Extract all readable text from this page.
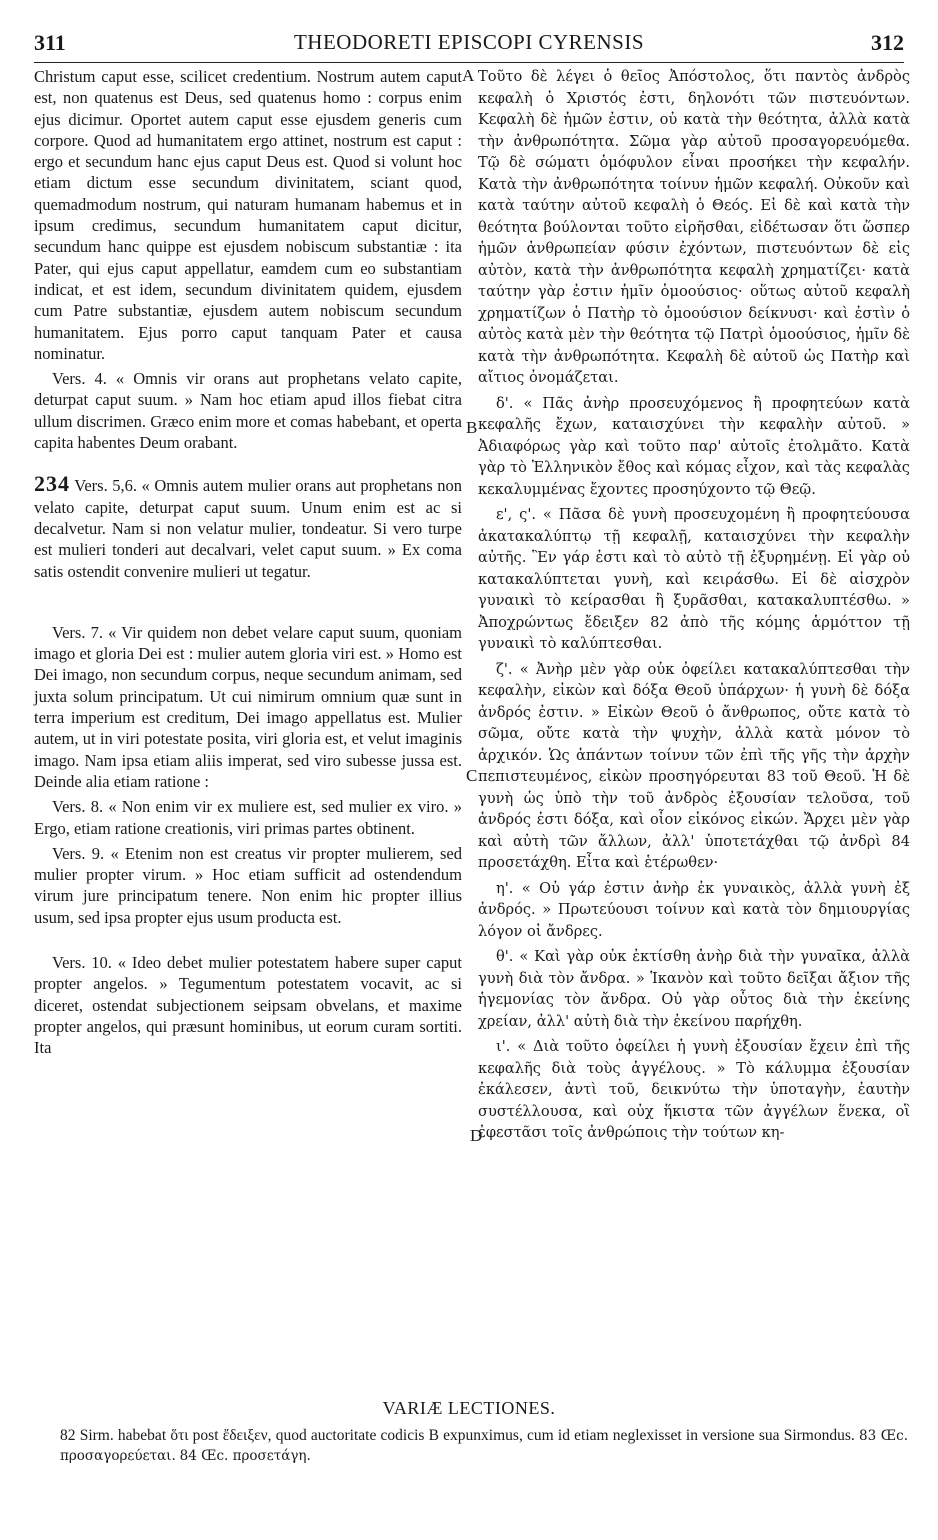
311	THEODORETI EPISCOPI CYRENSIS	312
A
B
C
D

Christum caput esse, scilicet credentium. Nostrum autem caput est, non quatenus est Deus, sed quatenus homo : corpus enim ejus dicimur. Oportet autem caput esse ejusdem generis cum corpore. Quod ad humanitatem ergo attinet, nostrum est caput : ergo et secundum hanc ejus caput Deus est. Quod si volunt hoc etiam dictum esse secundum divinitatem, sciant quod, quemadmodum nostrum, qui naturam humanam habemus et in ipsum credimus, secundum humanitatem caput dicitur, secundum hanc quippe est ejusdem nobiscum substantiæ : ita Pater, qui ejus caput appellatur, eamdem cum eo substantiam indicat, et est idem, secundum divinitatem quidem, ejusdem cum Patre substantiæ, ejusdem autem nobiscum secundum humanitatem. Ejus porro caput tanquam Pater et causa nominatur.

Vers. 4. « Omnis vir orans aut prophetans velato capite, deturpat caput suum. » Nam hoc etiam apud illos fiebat citra ullum discrimen. Græco enim more et comas habebant, et operta capita habentes Deum orabant.

234 Vers. 5,6. « Omnis autem mulier orans aut prophetans non velato capite, deturpat caput suum. Unum enim est ac si decalvetur. Nam si non velatur mulier, tondeatur. Si vero turpe est mulieri tonderi aut decalvari, velet caput suum. » Ex coma satis ostendit convenire mulieri ut tegatur.

Vers. 7. « Vir quidem non debet velare caput suum, quoniam imago et gloria Dei est : mulier autem gloria viri est. » Homo est Dei imago, non secundum corpus, neque secundum animam, sed juxta solum principatum. Ut cui nimirum omnium quæ sunt in terra imperium est creditum, Dei imago appellatus est. Mulier autem, ut in viri potestate posita, viri gloria est, et velut imaginis imago. Nam ipsa etiam aliis imperat, sed viro subesse jussa est. Deinde alia etiam ratione :

Vers. 8. « Non enim vir ex muliere est, sed mulier ex viro. » Ergo, etiam ratione creationis, viri primas partes obtinent.

Vers. 9. « Etenim non est creatus vir propter mulierem, sed mulier propter virum. » Hoc etiam sufficit ad ostendendum virum jure principatum tenere. Non enim hic propter illius usum, sed ipsa propter ejus usum producta est.

Vers. 10. « Ideo debet mulier potestatem habere super caput propter angelos. » Tegumentum potestatem vocavit, ac si diceret, ostendat subjectionem seipsam obvelans, et maxime propter angelos, qui præsunt hominibus, ut eorum curam sortiti. Ita

Τοῦτο δὲ λέγει ὁ θεῖος Ἀπόστολος, ὅτι παντὸς ἀνδρὸς κεφαλὴ ὁ Χριστός ἐστι, δηλονότι τῶν πιστευόντων. Κεφαλὴ δὲ ἡμῶν ἐστιν, οὐ κατὰ τὴν θεότητα, ἀλλὰ κατὰ τὴν ἀνθρωπότητα. Σῶμα γὰρ αὐτοῦ προσαγορευόμεθα. Τῷ δὲ σώματι ὁμόφυλον εἶναι προσήκει τὴν κεφαλήν. Κατὰ τὴν ἀνθρωπότητα τοίνυν ἡμῶν κεφαλή. Οὐκοῦν καὶ κατὰ ταύτην αὐτοῦ κεφαλὴ ὁ Θεός. Εἰ δὲ καὶ κατὰ τὴν θεότητα βούλονται τοῦτο εἰρῆσθαι, εἰδέτωσαν ὅτι ὥσπερ ἡμῶν ἀνθρωπείαν φύσιν ἐχόντων, πιστευόντων δὲ εἰς αὐτὸν, κατὰ τὴν ἀνθρωπότητα κεφαλὴ χρηματίζει· κατὰ ταύτην γὰρ ἐστιν ἡμῖν ὁμοούσιος· οὕτως αὐτοῦ κεφαλὴ χρηματίζων ὁ Πατὴρ τὸ ὁμοούσιον δείκνυσι· καὶ ἐστὶν ὁ αὐτὸς κατὰ μὲν τὴν θεότητα τῷ Πατρὶ ὁμοούσιος, ἡμῖν δὲ κατὰ τὴν ἀνθρωπότητα. Κεφαλὴ δὲ αὐτοῦ ὡς Πατὴρ καὶ αἴτιος ὀνομάζεται.

δ'. « Πᾶς ἀνὴρ προσευχόμενος ἢ προφητεύων κατὰ κεφαλῆς ἔχων, καταισχύνει τὴν κεφαλὴν αὐτοῦ. » Ἀδιαφόρως γὰρ καὶ τοῦτο παρ' αὐτοῖς ἐτολμᾶτο. Κατὰ γὰρ τὸ Ἑλληνικὸν ἔθος καὶ κόμας εἶχον, καὶ τὰς κεφαλὰς κεκαλυμμένας ἔχοντες προσηύχοντο τῷ Θεῷ.

ε', ς'. « Πᾶσα δὲ γυνὴ προσευχομένη ἢ προφητεύουσα ἀκατακαλύπτῳ τῇ κεφαλῇ, καταισχύνει τὴν κεφαλὴν αὐτῆς. Ἓν γάρ ἐστι καὶ τὸ αὐτὸ τῇ ἐξυρημένῃ. Εἰ γὰρ οὐ κατακαλύπτεται γυνὴ, καὶ κειράσθω. Εἰ δὲ αἰσχρὸν γυναικὶ τὸ κείρασθαι ἢ ξυρᾶσθαι, κατακαλυπτέσθω. » Ἀποχρώντως ἔδειξεν 82 ἀπὸ τῆς κόμης ἁρμόττον τῇ γυναικὶ τὸ καλύπτεσθαι.

ζ'. « Ἀνὴρ μὲν γὰρ οὐκ ὀφείλει κατακαλύπτεσθαι τὴν κεφαλὴν, εἰκὼν καὶ δόξα Θεοῦ ὑπάρχων· ἡ γυνὴ δὲ δόξα ἀνδρός ἐστιν. » Εἰκὼν Θεοῦ ὁ ἄνθρωπος, οὔτε κατὰ τὸ σῶμα, οὔτε κατὰ τὴν ψυχὴν, ἀλλὰ κατὰ μόνον τὸ ἀρχικόν. Ὡς ἁπάντων τοίνυν τῶν ἐπὶ τῆς γῆς τὴν ἀρχὴν πεπιστευμένος, εἰκὼν προσηγόρευται 83 τοῦ Θεοῦ. Ἡ δὲ γυνὴ ὡς ὑπὸ τὴν τοῦ ἀνδρὸς ἐξουσίαν τελοῦσα, τοῦ ἀνδρός ἐστι δόξα, καὶ οἷον εἰκόνος εἰκών. Ἄρχει μὲν γὰρ καὶ αὐτὴ τῶν ἄλλων, ἀλλ' ὑποτετάχθαι τῷ ἀνδρὶ 84 προσετάχθη. Εἶτα καὶ ἑτέρωθεν·

η'. « Οὐ γάρ ἐστιν ἀνὴρ ἐκ γυναικὸς, ἀλλὰ γυνὴ ἐξ ἀνδρός. » Πρωτεύουσι τοίνυν καὶ κατὰ τὸν δημιουργίας λόγον οἱ ἄνδρες.

θ'. « Καὶ γὰρ οὐκ ἐκτίσθη ἀνὴρ διὰ τὴν γυναῖκα, ἀλλὰ γυνὴ διὰ τὸν ἄνδρα. » Ἱκανὸν καὶ τοῦτο δεῖξαι ἄξιον τῆς ἡγεμονίας τὸν ἄνδρα. Οὐ γὰρ οὗτος διὰ τὴν ἐκείνης χρείαν, ἀλλ' αὐτὴ διὰ τὴν ἐκείνου παρήχθη.

ι'. « Διὰ τοῦτο ὀφείλει ἡ γυνὴ ἐξουσίαν ἔχειν ἐπὶ τῆς κεφαλῆς διὰ τοὺς ἀγγέλους. » Τὸ κάλυμμα ἐξουσίαν ἐκάλεσεν, ἀντὶ τοῦ, δεικνύτω τὴν ὑποταγὴν, ἑαυτὴν συστέλλουσα, καὶ οὐχ ἥκιστα τῶν ἀγγέλων ἕνεκα, οἳ ἐφεστᾶσι τοῖς ἀνθρώποις τὴν τούτων κη-

VARIÆ LECTIONES.

82 Sirm. habebat ὅτι post ἔδειξεν, quod auctoritate codicis B expunximus, cum id etiam neglexisset in versione sua Sirmondus. 83 Œc. προσαγορεύεται. 84 Œc. προσετάγη.
